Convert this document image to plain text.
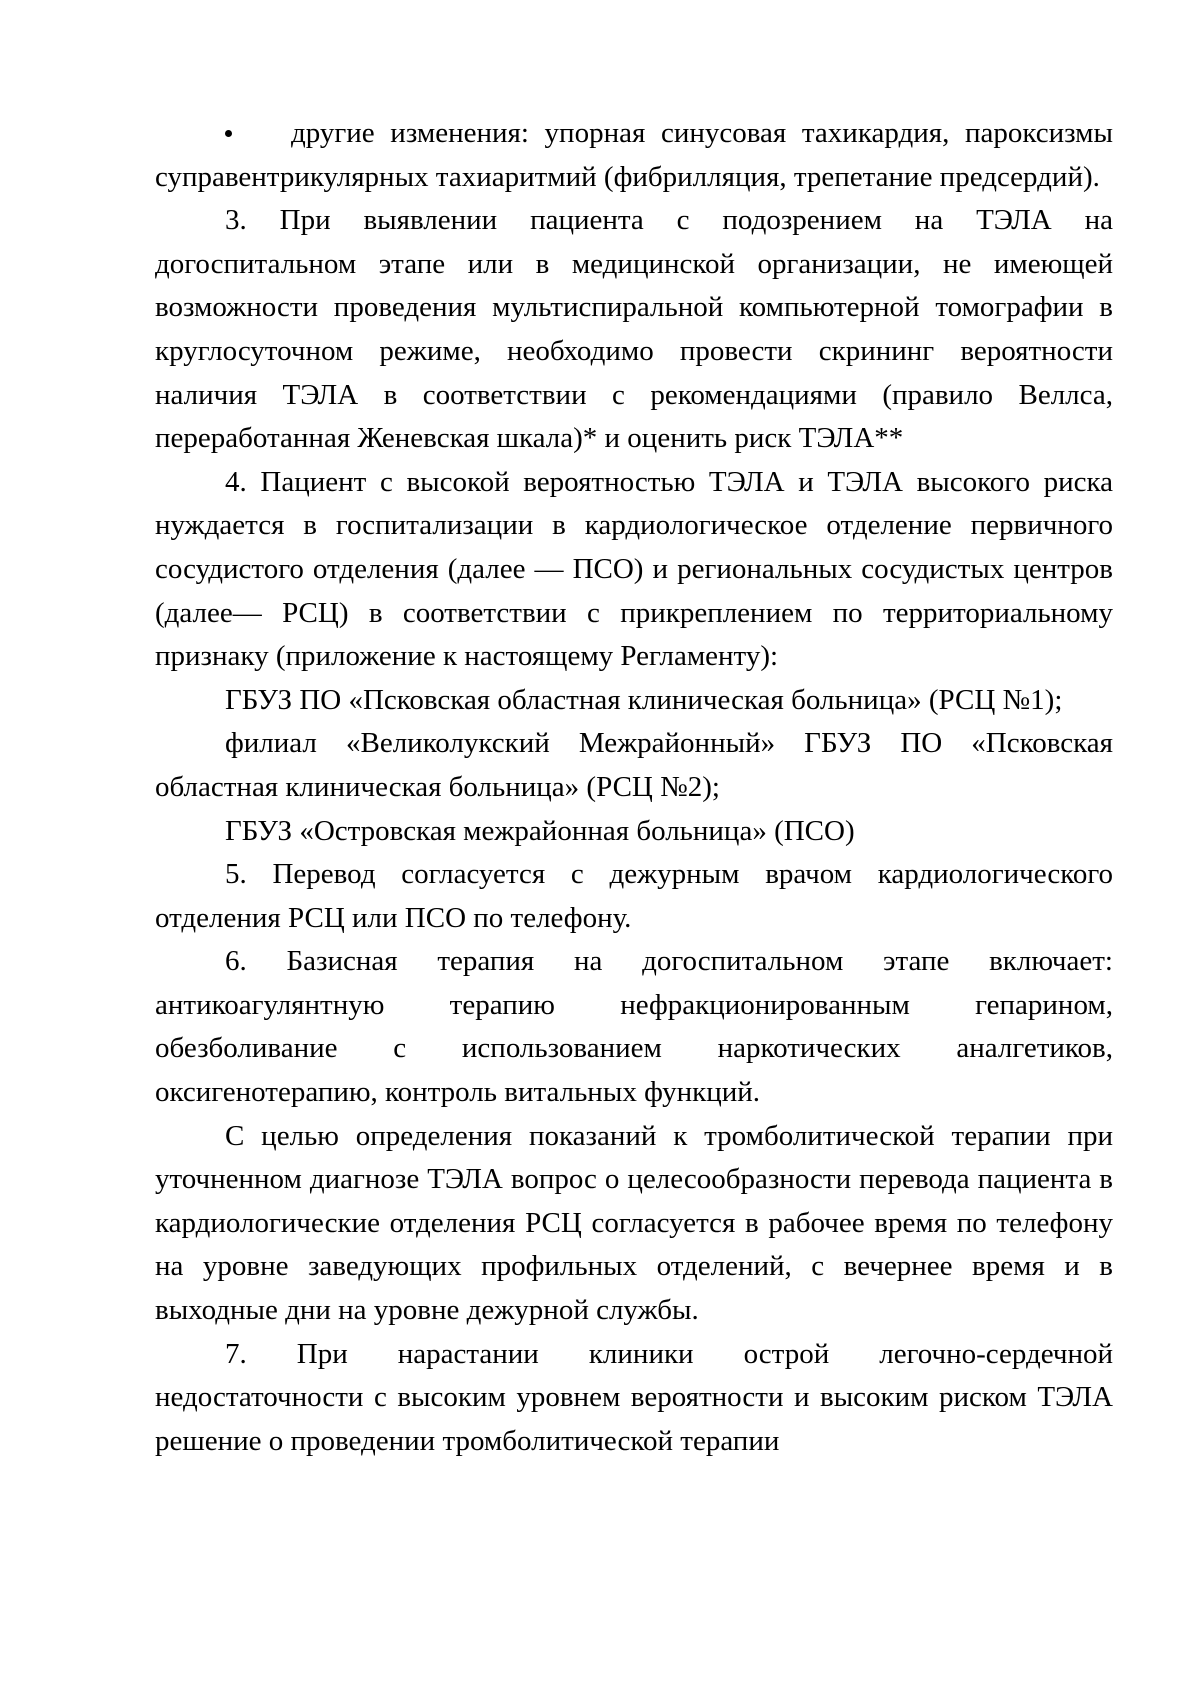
другие изменения: упорная синусовая тахикардия, пароксизмы суправентрикулярных тахиаритмий (фибрилляция, трепетание предсердий).

3. При выявлении пациента с подозрением на ТЭЛА на догоспитальном этапе или в медицинской организации, не имеющей возможности проведения мультиспиральной компьютерной томографии в круглосуточном режиме, необходимо провести скрининг вероятности наличия ТЭЛА в соответствии с рекомендациями (правило Веллса, переработанная Женевская шкала)* и оценить риск ТЭЛА**

4. Пациент с высокой вероятностью ТЭЛА и ТЭЛА высокого риска нуждается в госпитализации в кардиологическое отделение первичного сосудистого отделения (далее — ПСО) и региональных сосудистых центров (далее— РСЦ) в соответствии с прикреплением по территориальному признаку (приложение к настоящему Регламенту):

ГБУЗ ПО «Псковская областная клиническая больница» (РСЦ №1);

филиал «Великолукский Межрайонный» ГБУЗ ПО «Псковская областная клиническая больница» (РСЦ №2);

ГБУЗ «Островская межрайонная больница» (ПСО)

5. Перевод согласуется с дежурным врачом кардиологического отделения РСЦ или ПСО по телефону.

6. Базисная терапия на догоспитальном этапе включает: антикоагулянтную терапию нефракционированным гепарином, обезболивание с использованием наркотических аналгетиков, оксигенотерапию, контроль витальных функций.

С целью определения показаний к тромболитической терапии при уточненном диагнозе ТЭЛА вопрос о целесообразности перевода пациента в кардиологические отделения РСЦ согласуется в рабочее время по телефону на уровне заведующих профильных отделений, с вечернее время и в выходные дни на уровне дежурной службы.

7. При нарастании клиники острой легочно-сердечной недостаточности с высоким уровнем вероятности и высоким риском ТЭЛА решение о проведении тромболитической терапии
